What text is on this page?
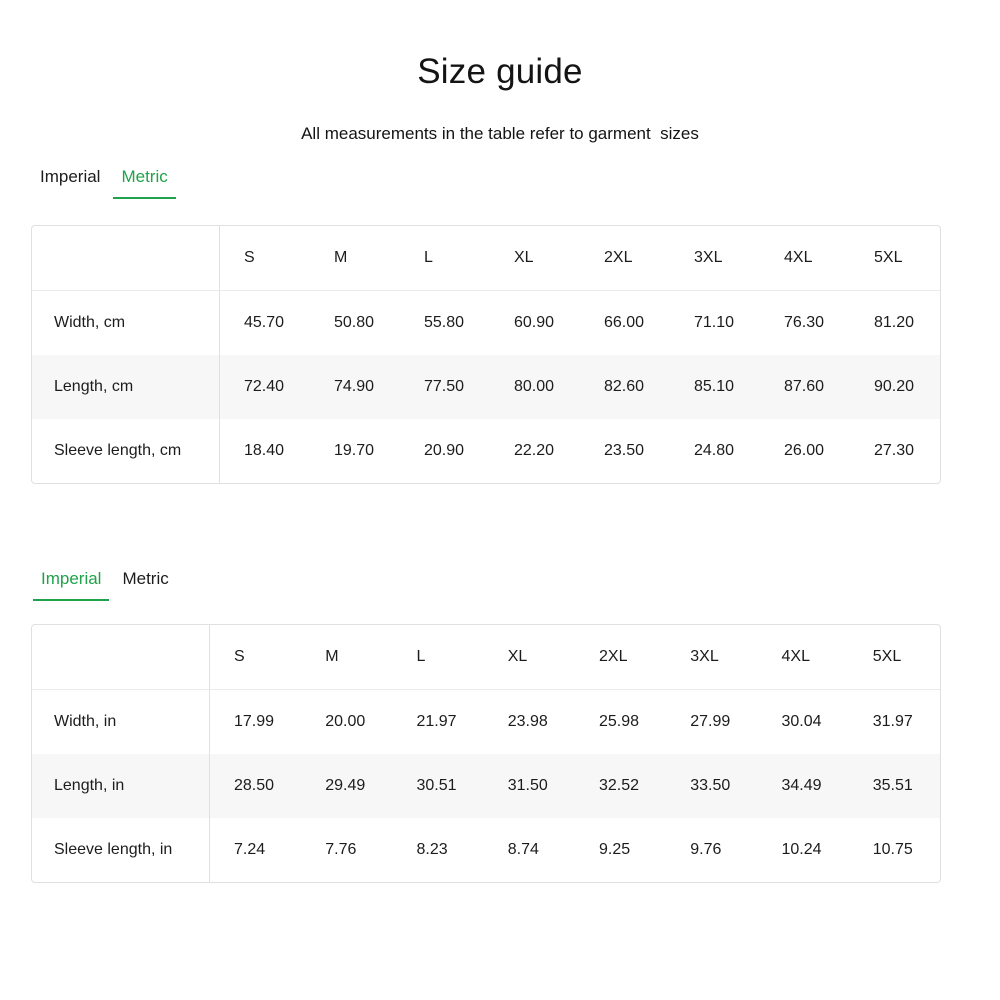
Size guide
All measurements in the table refer to garment  sizes
Imperial	Metric
	S	M	L	XL	2XL	3XL	4XL	5XL
Width, cm	45.70	50.80	55.80	60.90	66.00	71.10	76.30	81.20
Length, cm	72.40	74.90	77.50	80.00	82.60	85.10	87.60	90.20
Sleeve length, cm	18.40	19.70	20.90	22.20	23.50	24.80	26.00	27.30
Imperial	Metric
	S	M	L	XL	2XL	3XL	4XL	5XL
Width, in	17.99	20.00	21.97	23.98	25.98	27.99	30.04	31.97
Length, in	28.50	29.49	30.51	31.50	32.52	33.50	34.49	35.51
Sleeve length, in	7.24	7.76	8.23	8.74	9.25	9.76	10.24	10.75
